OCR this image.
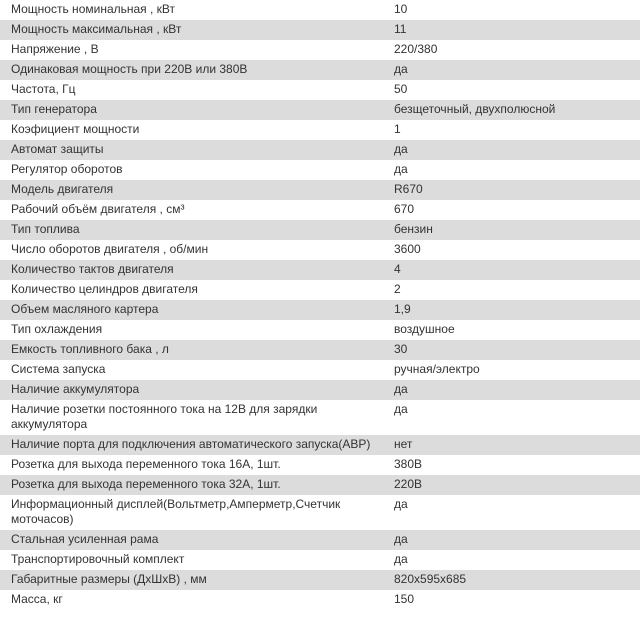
Мощность номинальная , кВт	10
Мощность максимальная , кВт	11
Напряжение , В	220/380
Одинаковая мощность при 220В или 380В	да
Частота, Гц	50
Тип генератора	безщеточный, двухполюсной
Коэфициент мощности	1
Автомат защиты	да
Регулятор оборотов	да
Модель двигателя	R670
Рабочий объём двигателя , см³	670
Тип топлива	бензин
Число оборотов двигателя , об/мин	3600
Количество тактов двигателя	4
Количество целиндров двигателя	2
Объем масляного картера	1,9
Тип охлаждения	воздушное
Емкость топливного бака , л	30
Система запуска	ручная/электро
Наличие аккумулятора	да
Наличие розетки постоянного тока на 12В для зарядки аккумулятора	да
Наличие порта для подключения автоматического запуска(АВР)	нет
Розетка для выхода переменного тока 16А, 1шт.	380В
Розетка для выхода переменного тока 32А, 1шт.	220В
Информационный дисплей(Вольтметр,Амперметр,Счетчик моточасов)	да
Стальная усиленная рама	да
Транспортировочный комплект	да
Габаритные размеры (ДхШхВ) , мм	820x595x685
Масса, кг	150
